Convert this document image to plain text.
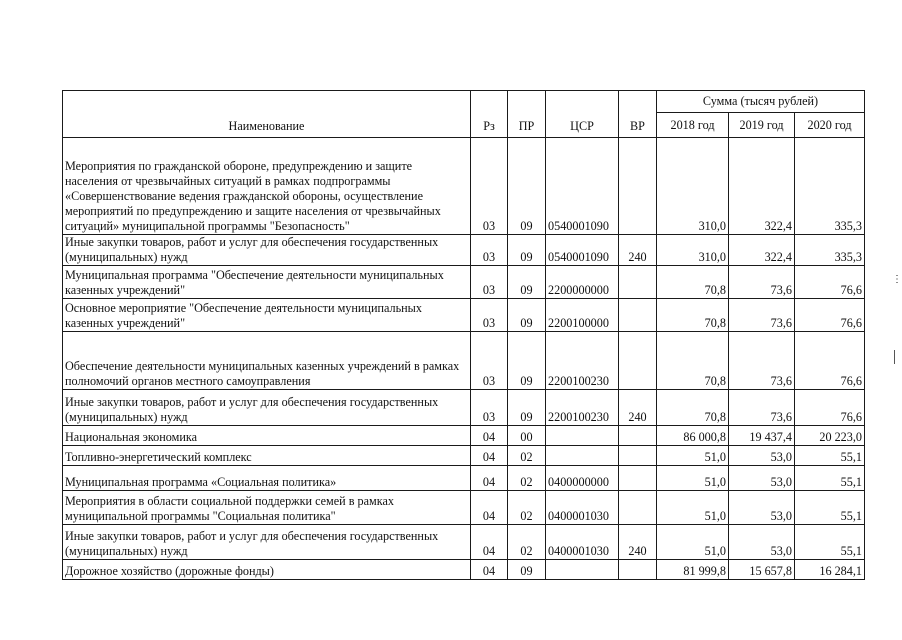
Наименование	Рз	ПР	ЦСР	ВР	Сумма (тысяч рублей)		
					2018 год	2019 год	2020 год
Мероприятия по гражданской обороне, предупреждению и защите населения от чрезвычайных ситуаций в рамках подпрограммы «Совершенствование ведения гражданской обороны, осуществление мероприятий по предупреждению и защите населения от чрезвычайных ситуаций» муниципальной программы "Безопасность"	03	09	0540001090		310,0	322,4	335,3
Иные закупки товаров, работ и услуг для обеспечения государственных (муниципальных) нужд	03	09	0540001090	240	310,0	322,4	335,3
Муниципальная программа "Обеспечение деятельности муниципальных казенных учреждений"	03	09	2200000000		70,8	73,6	76,6
Основное мероприятие "Обеспечение деятельности муниципальных казенных учреждений"	03	09	2200100000		70,8	73,6	76,6
Обеспечение деятельности муниципальных казенных учреждений в рамках полномочий органов местного самоуправления	03	09	2200100230		70,8	73,6	76,6
Иные закупки товаров, работ и услуг для обеспечения государственных (муниципальных) нужд	03	09	2200100230	240	70,8	73,6	76,6
Национальная экономика	04	00			86 000,8	19 437,4	20 223,0
Топливно-энергетический комплекс	04	02			51,0	53,0	55,1
Муниципальная программа «Социальная политика»	04	02	0400000000		51,0	53,0	55,1
Мероприятия в области социальной поддержки семей в рамках муниципальной программы "Социальная политика"	04	02	0400001030		51,0	53,0	55,1
Иные закупки товаров, работ и услуг для обеспечения государственных (муниципальных) нужд	04	02	0400001030	240	51,0	53,0	55,1
Дорожное хозяйство (дорожные фонды)	04	09			81 999,8	15 657,8	16 284,1
⋮
